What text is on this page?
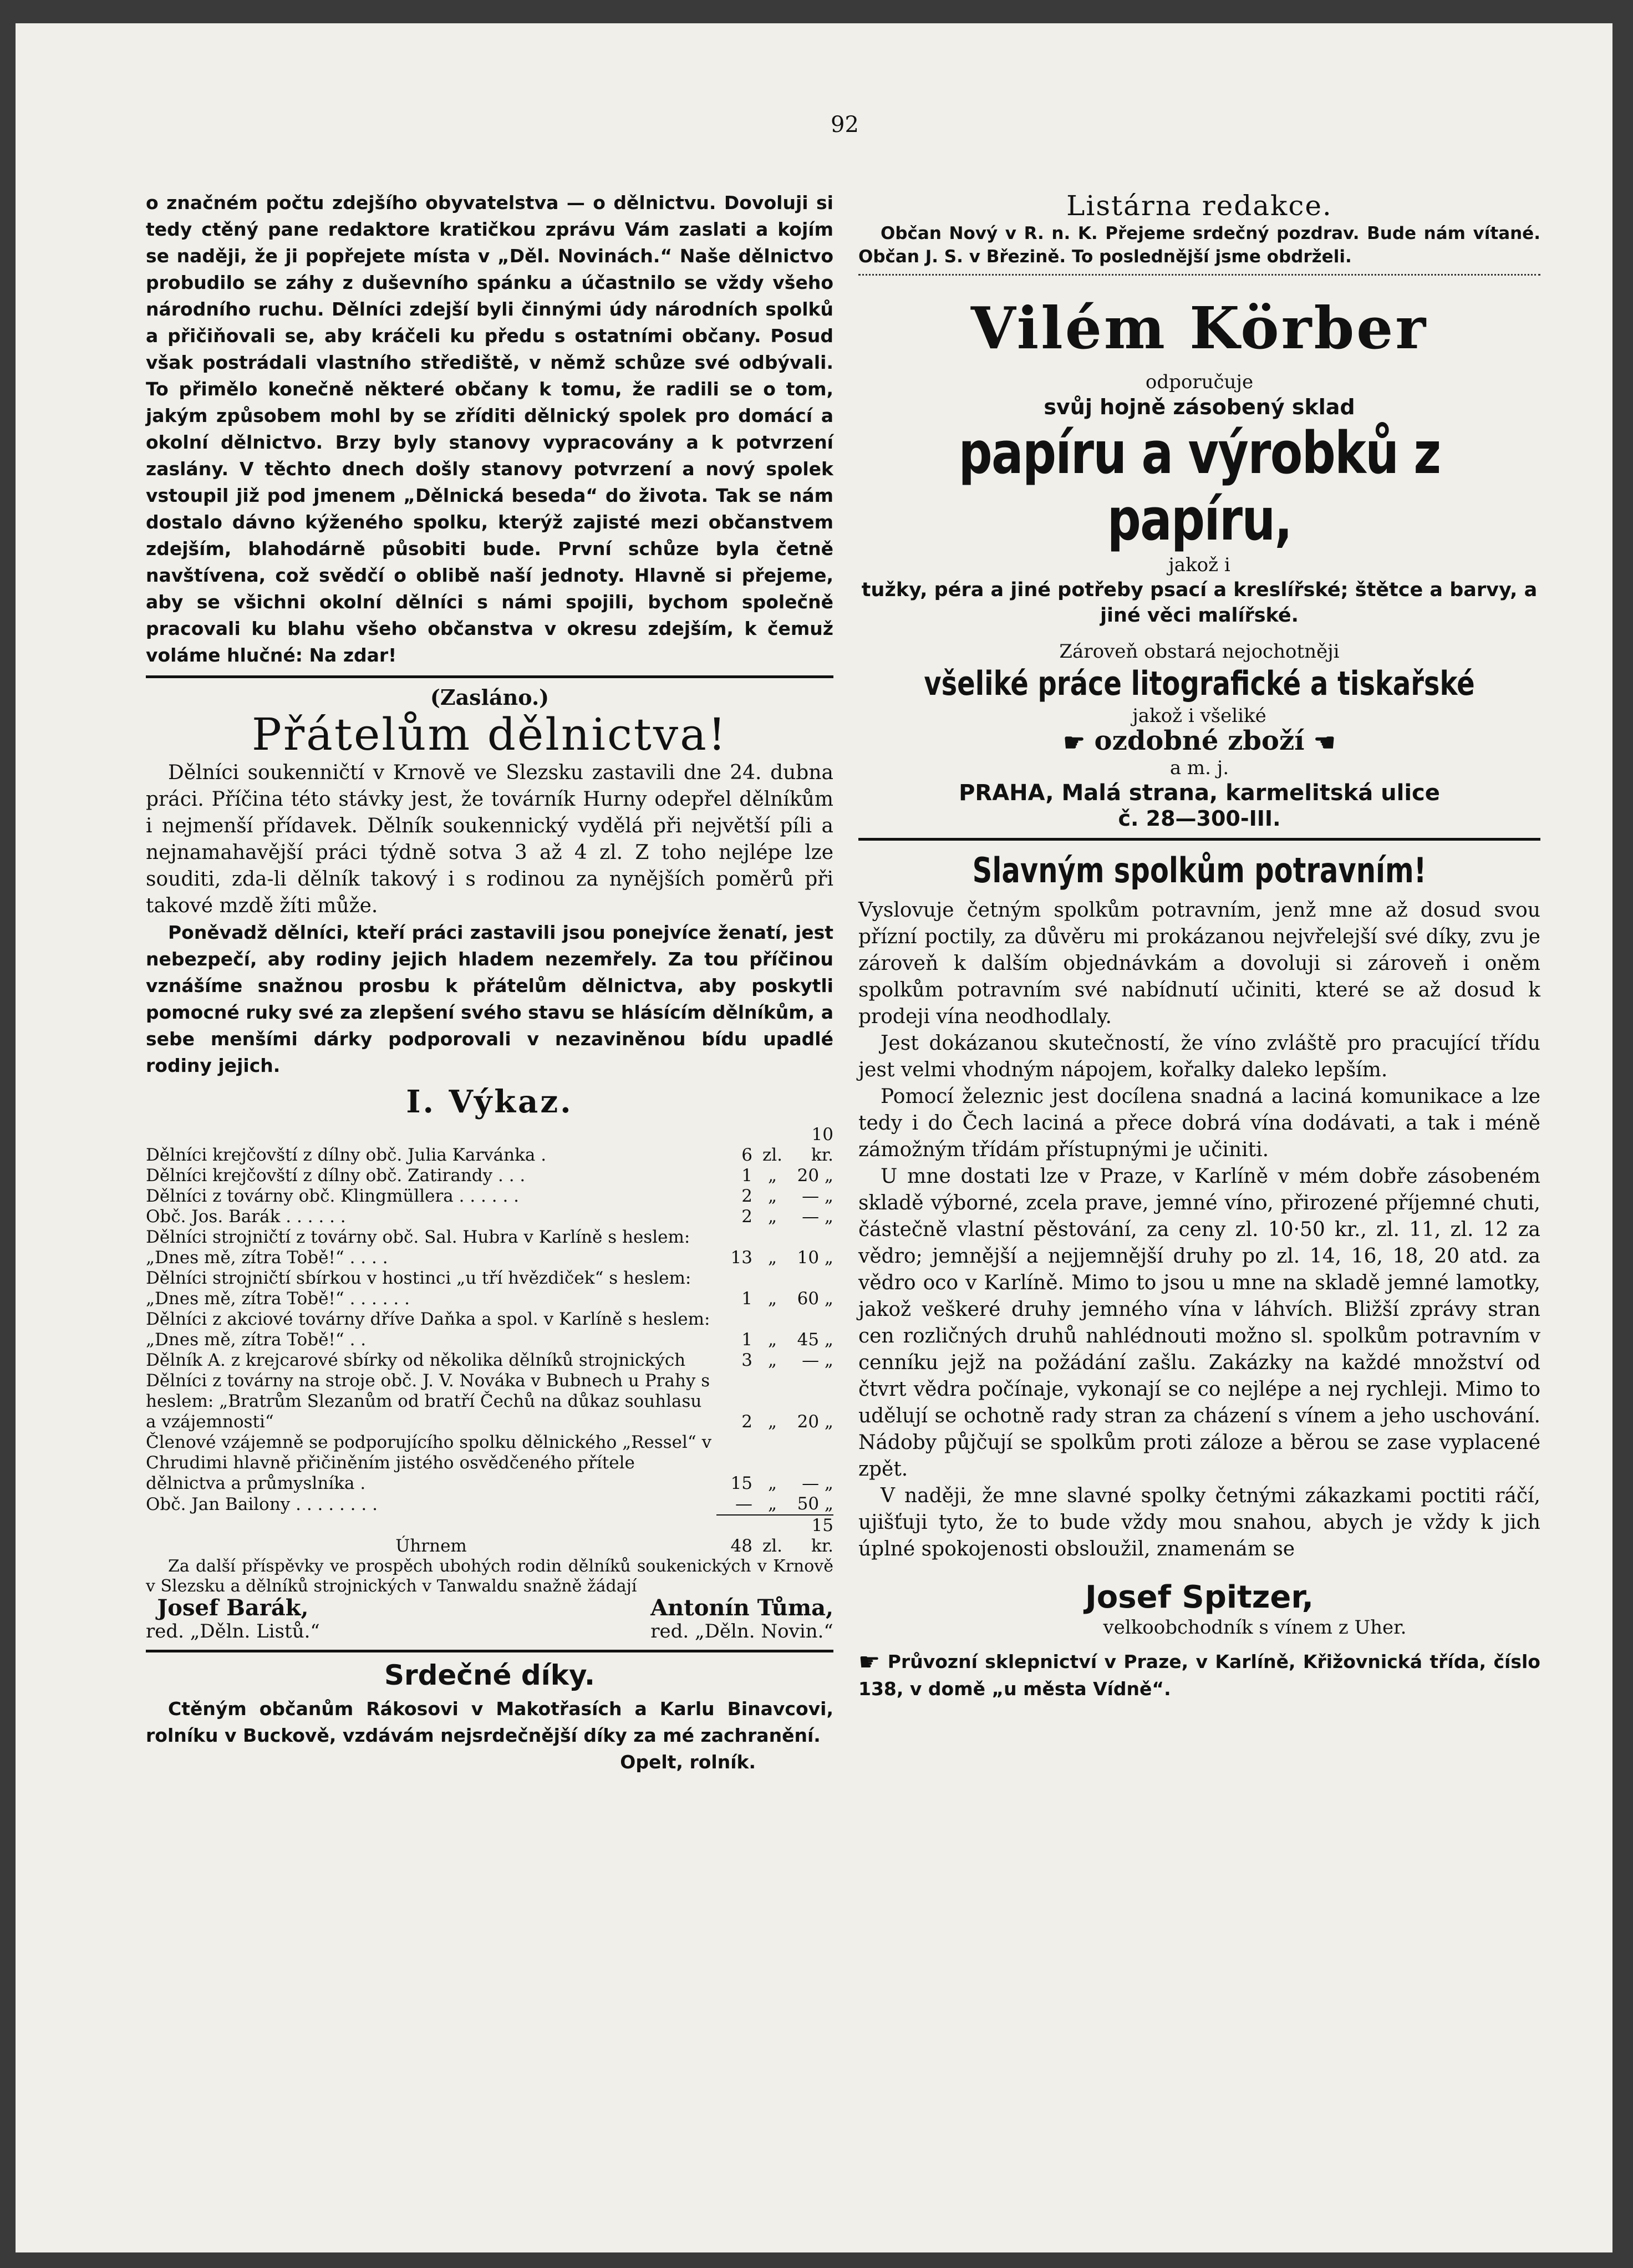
92

o značném počtu zdejšího obyvatelstva — o dělnictvu. Dovoluji si tedy ctěný pane redaktore kratičkou zprávu Vám zaslati a kojím se naději, že ji popřejete místa v „Děl. Novinách.“ Naše dělnictvo probudilo se záhy z duševního spánku a účastnilo se vždy všeho národního ruchu. Dělníci zdejší byli činnými údy národních spolků a přičiňovali se, aby kráčeli ku předu s ostatními občany. Posud však postrádali vlastního střediště, v němž schůze své odbývali. To přimělo konečně některé občany k tomu, že radili se o tom, jakým způsobem mohl by se zříditi dělnický spolek pro domácí a okolní dělnictvo. Brzy byly stanovy vypracovány a k potvrzení zaslány. V těchto dnech došly stanovy potvrzení a nový spolek vstoupil již pod jmenem „Dělnická beseda“ do života. Tak se nám dostalo dávno kýženého spolku, kterýž zajisté mezi občanstvem zdejším, blahodárně působiti bude. První schůze byla četně navštívena, což svědčí o oblibě naší jednoty. Hlavně si přejeme, aby se všichni okolní dělníci s námi spojili, bychom společně pracovali ku blahu všeho občanstva v okresu zdejším, k čemuž voláme hlučné: Na zdar!

(Zasláno.)
Přátelům dělnictva!

Dělníci soukenničtí v Krnově ve Slezsku zastavili dne 24. dubna práci. Příčina této stávky jest, že továrník Hurny odepřel dělníkům i nejmenší přídavek. Dělník soukennický vydělá při největší píli a nejnamahavější práci týdně sotva 3 až 4 zl. Z toho nejlépe lze souditi, zda-li dělník takový i s rodinou za nynějších poměrů při takové mzdě žíti může.

Poněvadž dělníci, kteří práci zastavili jsou ponejvíce ženatí, jest nebezpečí, aby rodiny jejich hladem nezemřely. Za tou příčinou vznášíme snažnou prosbu k přátelům dělnictva, aby poskytli pomocné ruky své za zlepšení svého stavu se hlásícím dělníkům, a sebe menšími dárky podporovali v nezaviněnou bídu upadlé rodiny jejich.

I. Výkaz.
Dělníci krejčovští z dílny obč. Julia Karvánka .	6	zl.	10 kr.
Dělníci krejčovští z dílny obč. Zatirandy . . .	1	„	20 „
Dělníci z továrny obč. Klingmüllera . . . . . .	2	„	— „
Obč. Jos. Barák . . . . . .	2	„	— „
Dělníci strojničtí z továrny obč. Sal. Hubra v Karlíně s heslem: „Dnes mě, zítra Tobě!“ . . . .	13	„	10 „
Dělníci strojničtí sbírkou v hostinci „u tří hvězdiček“ s heslem: „Dnes mě, zítra Tobě!“ . . . . . .	1	„	60 „
Dělníci z akciové továrny dříve Daňka a spol. v Karlíně s heslem: „Dnes mě, zítra Tobě!“ . .	1	„	45 „
Dělník A. z krejcarové sbírky od několika dělníků strojnických	3	„	— „
Dělníci z továrny na stroje obč. J. V. Nováka v Bubnech u Prahy s heslem: „Bratrům Slezanům od bratří Čechů na důkaz souhlasu a vzájemnosti“	2	„	20 „
Členové vzájemně se podporujícího spolku dělnického „Ressel“ v Chrudimi hlavně přičiněním jistého osvědčeného přítele dělnictva a průmyslníka .	15	„	— „
Obč. Jan Bailony . . . . . . . .	—	„	50 „
Úhrnem	48	zl.	15 kr.

Za další příspěvky ve prospěch ubohých rodin dělníků soukenických v Krnově v Slezsku a dělníků strojnických v Tanwaldu snažně žádají

Josef Barák,
red. „Děln. Listů.“
Antonín Tůma,
red. „Děln. Novin.“
Srdečné díky.

Ctěným občanům Rákosovi v Makotřasích a Karlu Binavcovi, rolníku v Buckově, vzdávám nejsrdečnější díky za mé zachranění.

Opelt, rolník.

Listárna redakce.

Občan Nový v R. n. K. Přejeme srdečný pozdrav. Bude nám vítané. Občan J. S. v Březině. To poslednější jsme obdrželi.

Vilém Körber
odporučuje
svůj hojně zásobený sklad
papíru a výrobků z papíru,
jakož i
tužky, péra a jiné potřeby psací a kreslířské; štětce a barvy, a jiné věci malířské.
Zároveň obstará nejochotněji
všeliké práce litografické a tiskařské
jakož i všeliké
☛ ozdobné zboží ☛
a m. j.
PRAHA, Malá strana, karmelitská ulice
č. 28—300-III.
Slavným spolkům potravním!

Vyslovuje četným spolkům potravním, jenž mne až dosud svou přízní poctily, za důvěru mi prokázanou nejvřelejší své díky, zvu je zároveň k dalším objednávkám a dovoluji si zároveň i oněm spolkům potravním své nabídnutí učiniti, které se až dosud k prodeji vína neodhodlaly.

Jest dokázanou skutečností, že víno zvláště pro pracující třídu jest velmi vhodným nápojem, kořalky daleko lepším.

Pomocí železnic jest docílena snadná a laciná komunikace a lze tedy i do Čech laciná a přece dobrá vína dodávati, a tak i méně zámožným třídám přístupnými je učiniti.

U mne dostati lze v Praze, v Karlíně v mém dobře zásobeném skladě výborné, zcela prave, jemné víno, přirozené příjemné chuti, částečně vlastní pěstování, za ceny zl. 10·50 kr., zl. 11, zl. 12 za vědro; jemnější a nejjemnější druhy po zl. 14, 16, 18, 20 atd. za vědro oco v Karlíně. Mimo to jsou u mne na skladě jemné lamotky, jakož veškeré druhy jemného vína v láhvích. Bližší zprávy stran cen rozličných druhů nahlédnouti možno sl. spolkům potravním v cenníku jejž na požádání zašlu. Zakázky na každé množství od čtvrt vědra počínaje, vykonají se co nejlépe a nej rychleji. Mimo to udělují se ochotně rady stran za cházení s vínem a jeho uschování. Nádoby půjčují se spolkům proti zálozе a běrou se zase vyplacené zpět.

V naději, že mne slavné spolky četnými zákazkami poctiti ráčí, ujišťuji tyto, že to bude vždy mou snahou, abych je vždy k jich úplné spokojenosti obsloužil, znamenám se

Josef Spitzer,
velkoobchodník s vínem z Uher.

☛ Průvozní sklepnictví v Praze, v Karlíně, Křižovnická třída, číslo 138, v domě „u města Vídně“.
